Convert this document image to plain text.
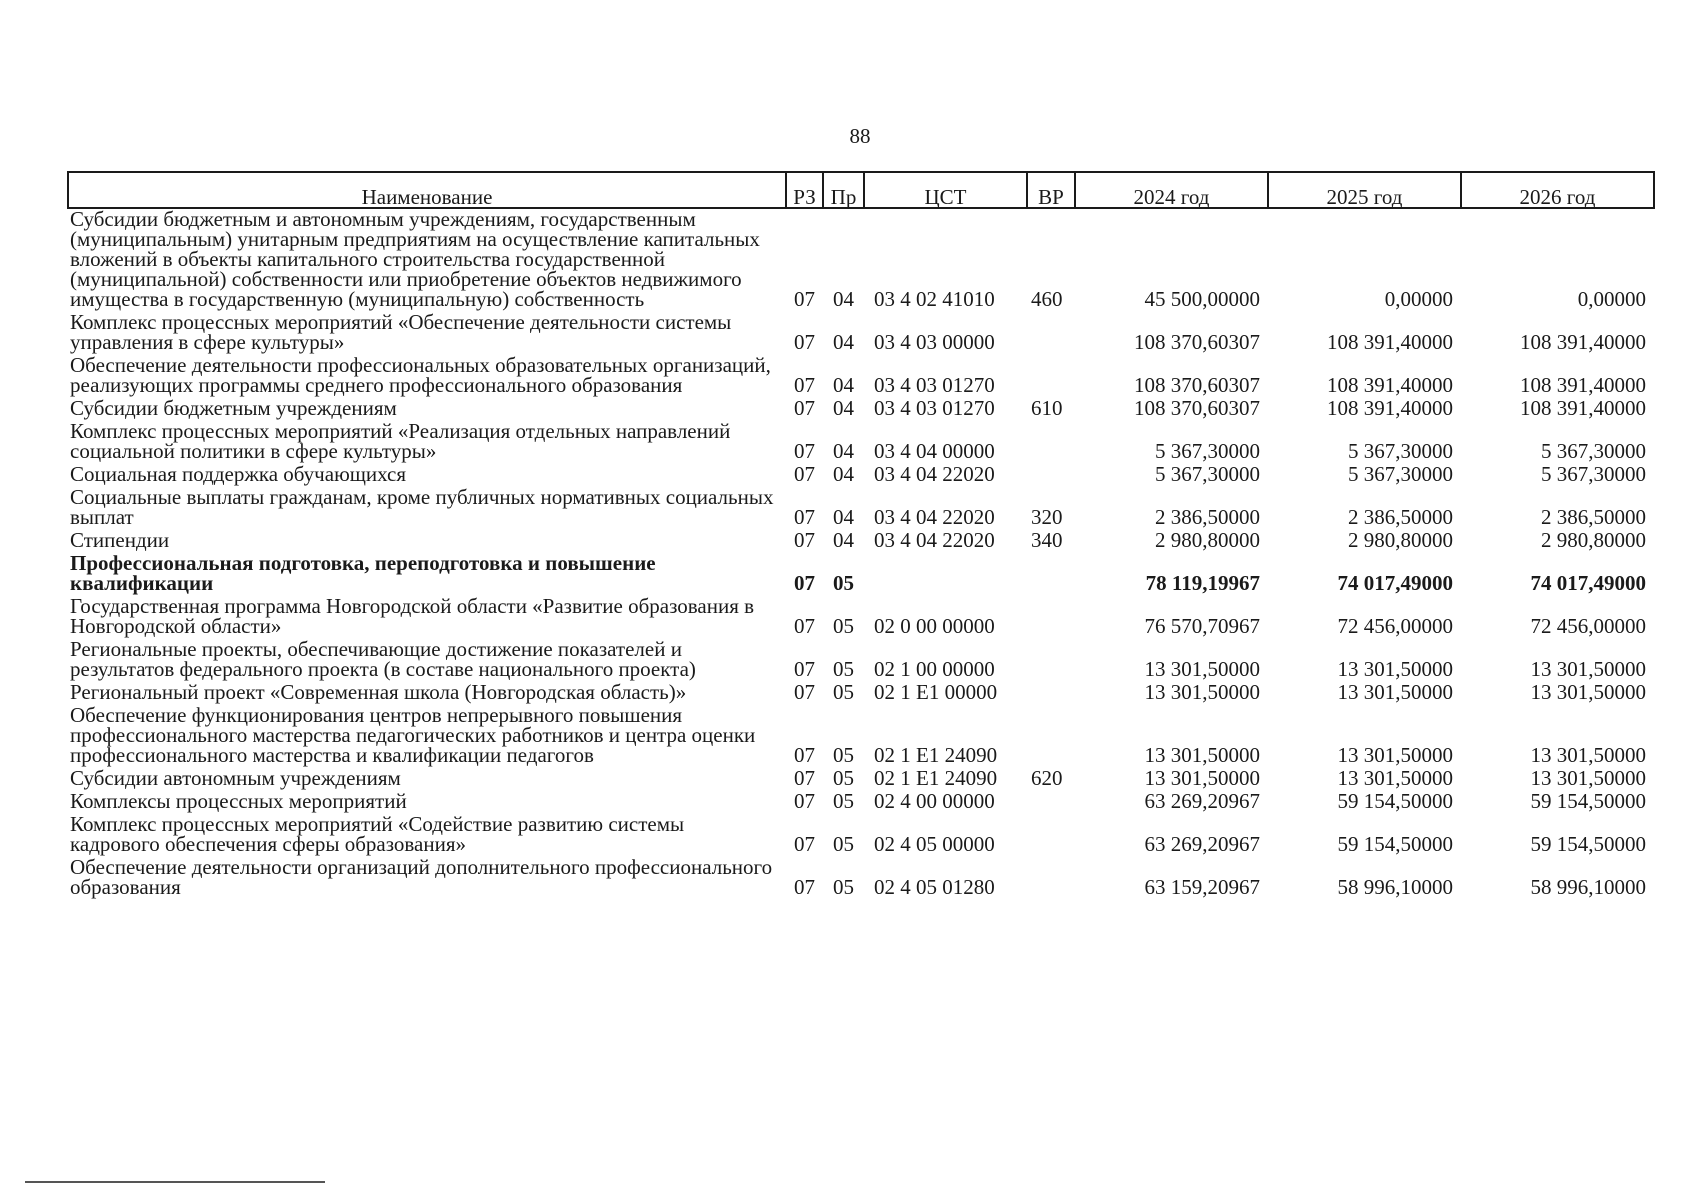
88
Наименование	РЗ	Пр	ЦСТ	ВР	2024 год	2025 год	2026 год
Субсидии бюджетным и автономным учреждениям, государственным (муниципальным) унитарным предприятиям на осуществление капитальных вложений в объекты капитального строительства государственной (муниципальной) собственности или приобретение объектов недвижимого имущества в государственную (муниципальную) собственность	07	04	03 4 02 41010	460	45 500,00000	0,00000	0,00000
Комплекс процессных мероприятий «Обеспечение деятельности системы управления в сфере культуры»	07	04	03 4 03 00000		108 370,60307	108 391,40000	108 391,40000
Обеспечение деятельности профессиональных образовательных организаций, реализующих программы среднего профессионального образования	07	04	03 4 03 01270		108 370,60307	108 391,40000	108 391,40000
Субсидии бюджетным учреждениям	07	04	03 4 03 01270	610	108 370,60307	108 391,40000	108 391,40000
Комплекс процессных мероприятий «Реализация отдельных направлений социальной политики в сфере культуры»	07	04	03 4 04 00000		5 367,30000	5 367,30000	5 367,30000
Социальная поддержка обучающихся	07	04	03 4 04 22020		5 367,30000	5 367,30000	5 367,30000
Социальные выплаты гражданам, кроме публичных нормативных социальных выплат	07	04	03 4 04 22020	320	2 386,50000	2 386,50000	2 386,50000
Стипендии	07	04	03 4 04 22020	340	2 980,80000	2 980,80000	2 980,80000
Профессиональная подготовка, переподготовка и повышение квалификации	07	05			78 119,19967	74 017,49000	74 017,49000
Государственная программа Новгородской области «Развитие образования в Новгородской области»	07	05	02 0 00 00000		76 570,70967	72 456,00000	72 456,00000
Региональные проекты, обеспечивающие достижение показателей и результатов федерального проекта (в составе национального проекта)	07	05	02 1 00 00000		13 301,50000	13 301,50000	13 301,50000
Региональный проект «Современная школа (Новгородская область)»	07	05	02 1 E1 00000		13 301,50000	13 301,50000	13 301,50000
Обеспечение функционирования центров непрерывного повышения профессионального мастерства педагогических работников и центра оценки профессионального мастерства и квалификации педагогов	07	05	02 1 E1 24090		13 301,50000	13 301,50000	13 301,50000
Субсидии автономным учреждениям	07	05	02 1 E1 24090	620	13 301,50000	13 301,50000	13 301,50000
Комплексы процессных мероприятий	07	05	02 4 00 00000		63 269,20967	59 154,50000	59 154,50000
Комплекс процессных мероприятий «Содействие развитию системы кадрового обеспечения сферы образования»	07	05	02 4 05 00000		63 269,20967	59 154,50000	59 154,50000
Обеспечение деятельности организаций дополнительного профессионального образования	07	05	02 4 05 01280		63 159,20967	58 996,10000	58 996,10000
